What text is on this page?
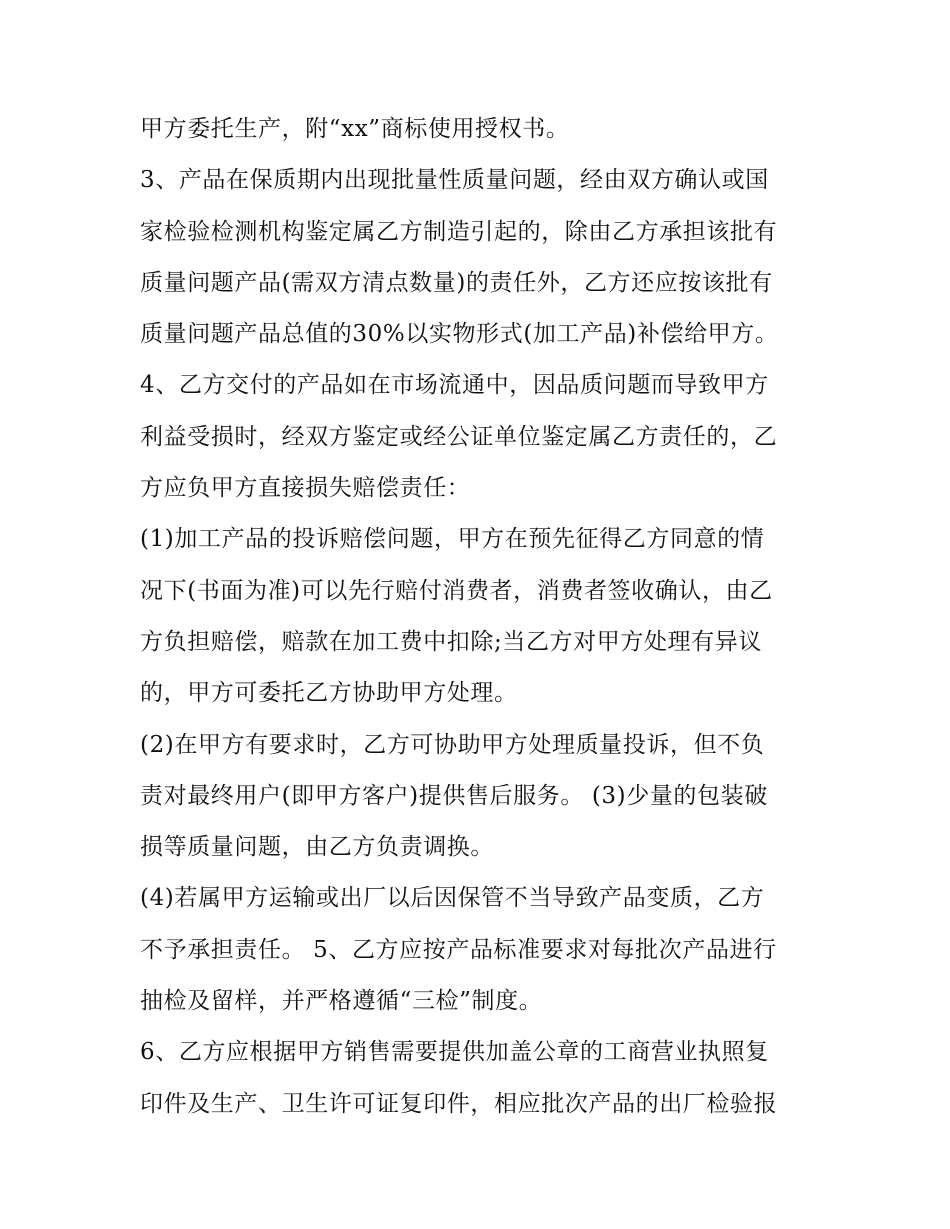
甲方委托生产，附“xx”商标使用授权书。
3、产品在保质期内出现批量性质量问题，经由双方确认或国
家检验检测机构鉴定属乙方制造引起的，除由乙方承担该批有
质量问题产品(需双方清点数量)的责任外，乙方还应按该批有
质量问题产品总值的30%以实物形式(加工产品)补偿给甲方。
4、乙方交付的产品如在市场流通中，因品质问题而导致甲方
利益受损时，经双方鉴定或经公证单位鉴定属乙方责任的，乙
方应负甲方直接损失赔偿责任：
(1)加工产品的投诉赔偿问题，甲方在预先征得乙方同意的情
况下(书面为准)可以先行赔付消费者，消费者签收确认，由乙
方负担赔偿，赔款在加工费中扣除;当乙方对甲方处理有异议
的，甲方可委托乙方协助甲方处理。
(2)在甲方有要求时，乙方可协助甲方处理质量投诉，但不负
责对最终用户(即甲方客户)提供售后服务。 (3)少量的包装破
损等质量问题，由乙方负责调换。
(4)若属甲方运输或出厂以后因保管不当导致产品变质，乙方
不予承担责任。 5、乙方应按产品标准要求对每批次产品进行
抽检及留样，并严格遵循“三检”制度。
6、乙方应根据甲方销售需要提供加盖公章的工商营业执照复
印件及生产、卫生许可证复印件，相应批次产品的出厂检验报
